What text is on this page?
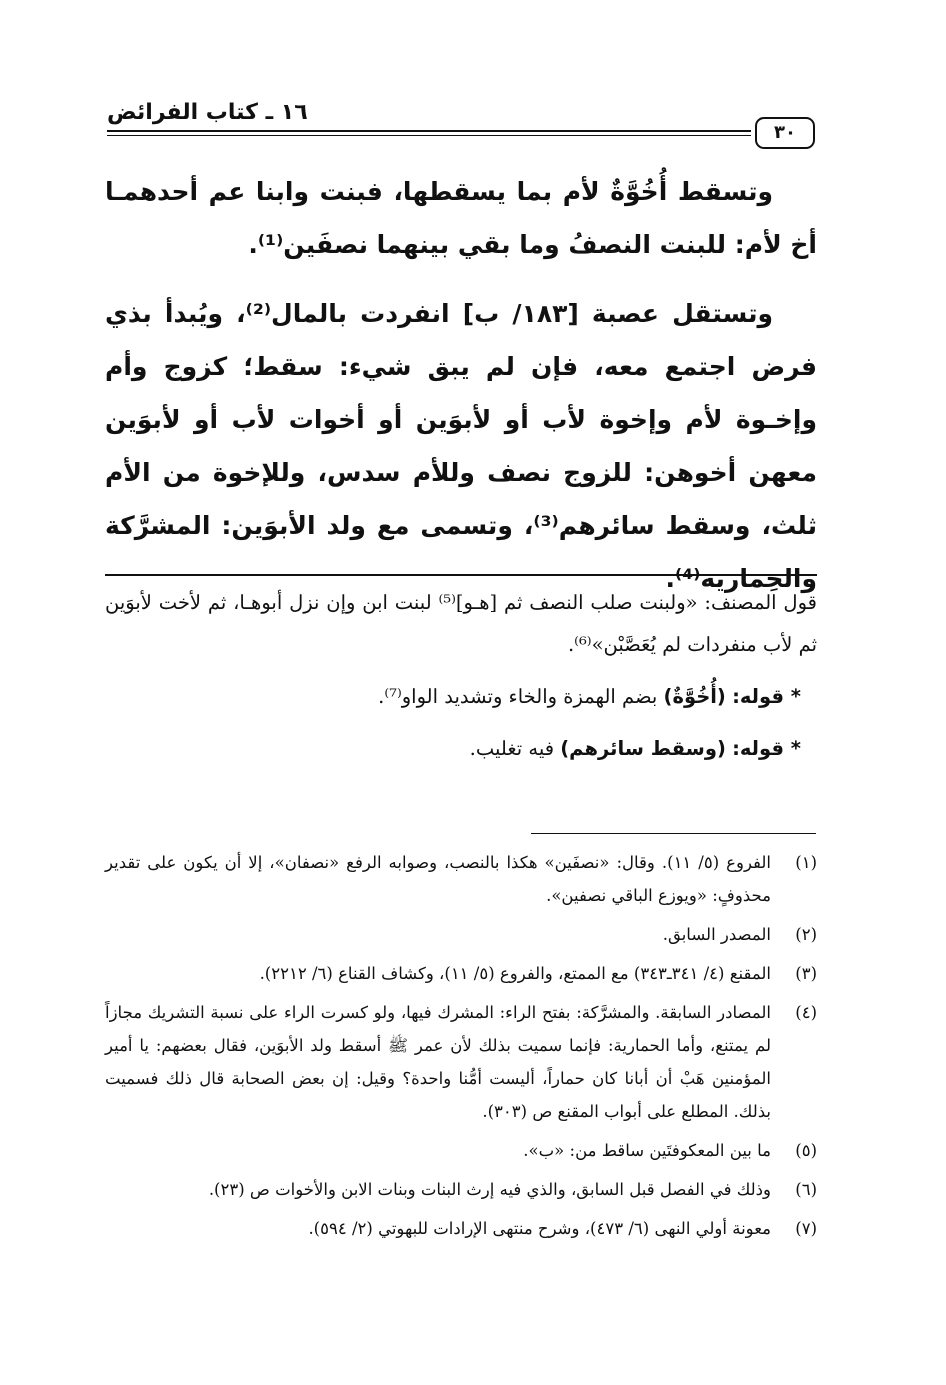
١٦ ـ كتاب الفرائض
٣٠

وتسقط أُخُوَّةٌ لأم بما يسقطها، فبنت وابنا عم أحدهمـا أخ لأم: للبنت النصفُ وما بقي بينهما نصفَين⁽¹⁾.

وتستقل عصبة [١٨٣/ ب] انفردت بالمال⁽²⁾، ويُبدأ بذي فرض اجتمع معه، فإن لم يبق شيء: سقط؛ كزوج وأم وإخـوة لأم وإخوة لأب أو لأبوَين أو أخوات لأب أو لأبوَين معهن أخوهن: للزوج نصف وللأم سدس، وللإخوة من الأم ثلث، وسقط سائرهم⁽³⁾، وتسمى مع ولد الأبوَين: المشرَّكة والحِمارية⁽⁴⁾.

قول المصنف: «ولبنت صلب النصف ثم [هـو]⁽⁵⁾ لبنت ابن وإن نزل أبوهـا، ثم لأخت لأبوَين ثم لأب منفردات لم يُعَصَّبْن»⁽⁶⁾.

* قوله: (أُخُوَّةٌ) بضم الهمزة والخاء وتشديد الواو⁽⁷⁾.

* قوله: (وسقط سائرهم) فيه تغليب.

(١)
الفروع (٥/ ١١). وقال: «نصفَين» هكذا بالنصب، وصوابه الرفع «نصفان»، إلا أن يكون على تقدير محذوفٍ: «ويوزع الباقي نصفين».
(٢)
المصدر السابق.
(٣)
المقنع (٤/ ٣٤١ـ٣٤٣) مع الممتع، والفروع (٥/ ١١)، وكشاف القناع (٦/ ٢٢١٢).
(٤)
المصادر السابقة. والمشرَّكة: بفتح الراء: المشرك فيها، ولو كسرت الراء على نسبة التشريك مجازاً لم يمتنع، وأما الحمارية: فإنما سميت بذلك لأن عمر ﷺ أسقط ولد الأبوَين، فقال بعضهم: يا أمير المؤمنين هَبْ أن أبانا كان حماراً، أليست أمُّنا واحدة؟ وقيل: إن بعض الصحابة قال ذلك فسميت بذلك. المطلع على أبواب المقنع ص (٣٠٣).
(٥)
ما بين المعكوفتَين ساقط من: «ب».
(٦)
وذلك في الفصل قبل السابق، والذي فيه إرث البنات وبنات الابن والأخوات ص (٢٣).
(٧)
معونة أولي النهى (٦/ ٤٧٣)، وشرح منتهى الإرادات للبهوتي (٢/ ٥٩٤).
